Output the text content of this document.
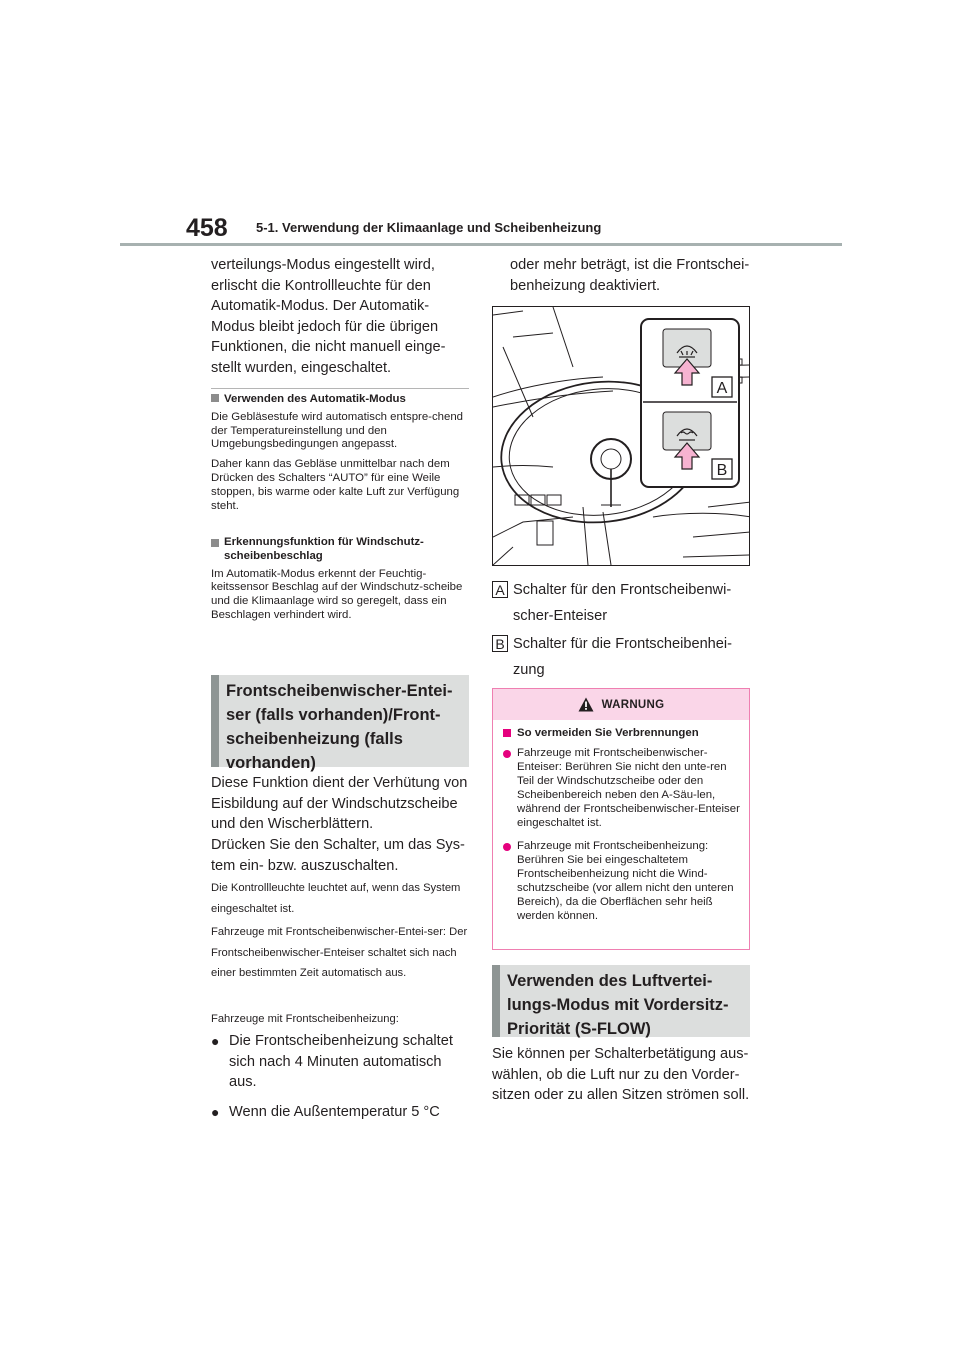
458 5-1. Verwendung der Klimaanlage und Scheibenheizung
verteilungs-Modus eingestellt wird, erlischt die Kontrollleuchte für den Automatik-Modus. Der Automatik-Modus bleibt jedoch für die übrigen Funktionen, die nicht manuell einge-stellt wurden, eingeschaltet.
Verwenden des Automatik-Modus
Die Gebläsestufe wird automatisch entspre-chend der Temperatureinstellung und den Umgebungsbedingungen angepasst.
Daher kann das Gebläse unmittelbar nach dem Drücken des Schalters “AUTO” für eine Weile stoppen, bis warme oder kalte Luft zur Verfügung steht.
Erkennungsfunktion für Windschutz-scheibenbeschlag
Im Automatik-Modus erkennt der Feuchtig-keitssensor Beschlag auf der Windschutz-scheibe und die Klimaanlage wird so geregelt, dass ein Beschlagen verhindert wird.
Frontscheibenwischer-Entei-ser (falls vorhanden)/Front-scheibenheizung (falls vorhanden)
Diese Funktion dient der Verhütung von Eisbildung auf der Windschutzscheibe und den Wischerblättern.
Drücken Sie den Schalter, um das Sys-tem ein- bzw. auszuschalten.
Die Kontrollleuchte leuchtet auf, wenn das System eingeschaltet ist.
Fahrzeuge mit Frontscheibenwischer-Entei-ser: Der Frontscheibenwischer-Enteiser schaltet sich nach einer bestimmten Zeit automatisch aus.
Fahrzeuge mit Frontscheibenheizung:
● Die Frontscheibenheizung schaltet sich nach 4 Minuten automatisch aus.
● Wenn die Außentemperatur 5 °C
oder mehr beträgt, ist die Frontschei-benheizung deaktiviert.
A
B
A Schalter für den Frontscheibenwi-scher-Enteiser
B Schalter für die Frontscheibenhei-zung
WARNUNG
So vermeiden Sie Verbrennungen
Fahrzeuge mit Frontscheibenwischer-Enteiser: Berühren Sie nicht den unte-ren Teil der Windschutzscheibe oder den Scheibenbereich neben den A-Säu-len, während der Frontscheibenwischer-Enteiser eingeschaltet ist.
Fahrzeuge mit Frontscheibenheizung: Berühren Sie bei eingeschaltetem Frontscheibenheizung nicht die Wind-schutzscheibe (vor allem nicht den unteren Bereich), da die Oberflächen sehr heiß werden können.
Verwenden des Luftvertei-lungs-Modus mit Vordersitz-Priorität (S-FLOW)
Sie können per Schalterbetätigung aus-wählen, ob die Luft nur zu den Vorder-sitzen oder zu allen Sitzen strömen soll.
